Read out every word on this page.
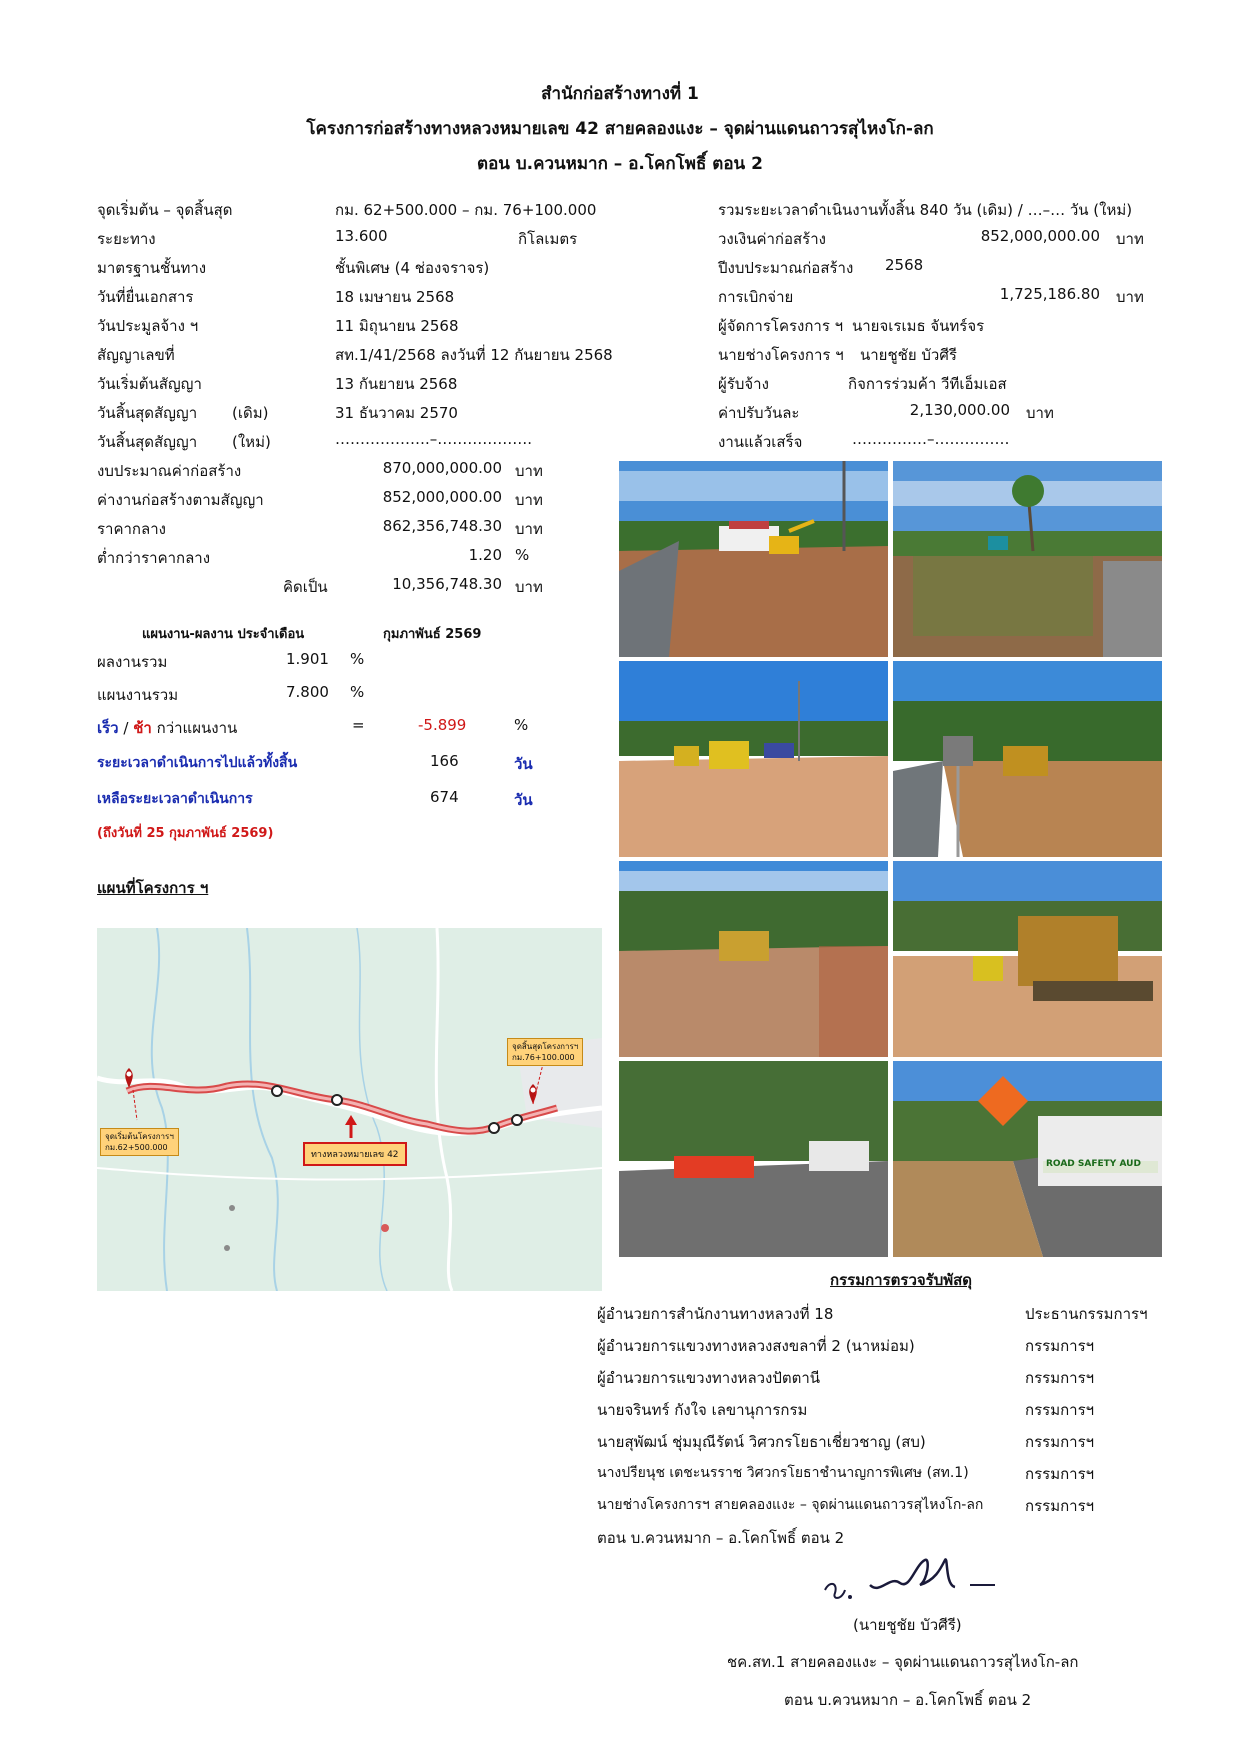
สำนักก่อสร้างทางที่ 1
โครงการก่อสร้างทางหลวงหมายเลข 42 สายคลองแงะ – จุดผ่านแดนถาวรสุไหงโก-ลก
ตอน บ.ควนหมาก – อ.โคกโพธิ์ ตอน 2
จุดเริ่มต้น – จุดสิ้นสุด	กม. 62+500.000 – กม. 76+100.000
ระยะทาง	13.600	กิโลเมตร
มาตรฐานชั้นทาง	ชั้นพิเศษ (4 ช่องจราจร)
วันที่ยื่นเอกสาร	18 เมษายน 2568
วันประมูลจ้าง ฯ	11 มิถุนายน 2568
สัญญาเลขที่	สท.1/41/2568 ลงวันที่ 12 กันยายน 2568
วันเริ่มต้นสัญญา	13 กันยายน 2568
วันสิ้นสุดสัญญา (เดิม)	31 ธันวาคม 2570
วันสิ้นสุดสัญญา (ใหม่)	……………….–……………….
รวมระยะเวลาดำเนินงานทั้งสิ้น 840 วัน (เดิม) / …–… วัน (ใหม่)
วงเงินค่าก่อสร้าง	852,000,000.00 บาท
ปีงบประมาณก่อสร้าง 2568
การเบิกจ่าย	1,725,186.80 บาท
ผู้จัดการโครงการ ฯ นายจเรเมธ จันทร์จร
นายช่างโครงการ ฯ นายชูชัย บัวศีรี
ผู้รับจ้าง	กิจการร่วมค้า วีทีเอ็มเอส
ค่าปรับวันละ	2,130,000.00 บาท
งานแล้วเสร็จ	……………–……………
งบประมาณค่าก่อสร้าง	870,000,000.00 บาท
ค่างานก่อสร้างตามสัญญา	852,000,000.00 บาท
ราคากลาง	862,356,748.30 บาท
ต่ำกว่าราคากลาง	1.20 %
คิดเป็น	10,356,748.30 บาท
แผนงาน-ผลงาน ประจำเดือน	กุมภาพันธ์ 2569
ผลงานรวม	1.901 %
แผนงานรวม	7.800 %
เร็ว / ช้า กว่าแผนงาน	=	-5.899	%
ระยะเวลาดำเนินการไปแล้วทั้งสิ้น	166	วัน
เหลือระยะเวลาดำเนินการ	674	วัน
(ถึงวันที่ 25 กุมภาพันธ์ 2569)
แผนที่โครงการ ฯ
จุดเริ่มต้นโครงการฯ
กม.62+500.000
จุดสิ้นสุดโครงการฯ
กม.76+100.000
ทางหลวงหมายเลข 42
ROAD SAFETY AUD
กรรมการตรวจรับพัสดุ
ผู้อำนวยการสำนักงานทางหลวงที่ 18	ประธานกรรมการฯ
ผู้อำนวยการแขวงทางหลวงสงขลาที่ 2 (นาหม่อม)	กรรมการฯ
ผู้อำนวยการแขวงทางหลวงปัตตานี	กรรมการฯ
นายจรินทร์ กังใจ เลขานุการกรม	กรรมการฯ
นายสุพัฒน์ ชุ่มมุณีรัตน์ วิศวกรโยธาเชี่ยวชาญ (สบ)	กรรมการฯ
นางปรียนุช เตชะนรราช วิศวกรโยธาชำนาญการพิเศษ (สท.1)	กรรมการฯ
นายช่างโครงการฯ สายคลองแงะ – จุดผ่านแดนถาวรสุไหงโก-ลก	กรรมการฯ
ตอน บ.ควนหมาก – อ.โคกโพธิ์ ตอน 2
(นายชูชัย บัวศีรี)
ชค.สท.1 สายคลองแงะ – จุดผ่านแดนถาวรสุไหงโก-ลก
ตอน บ.ควนหมาก – อ.โคกโพธิ์ ตอน 2
